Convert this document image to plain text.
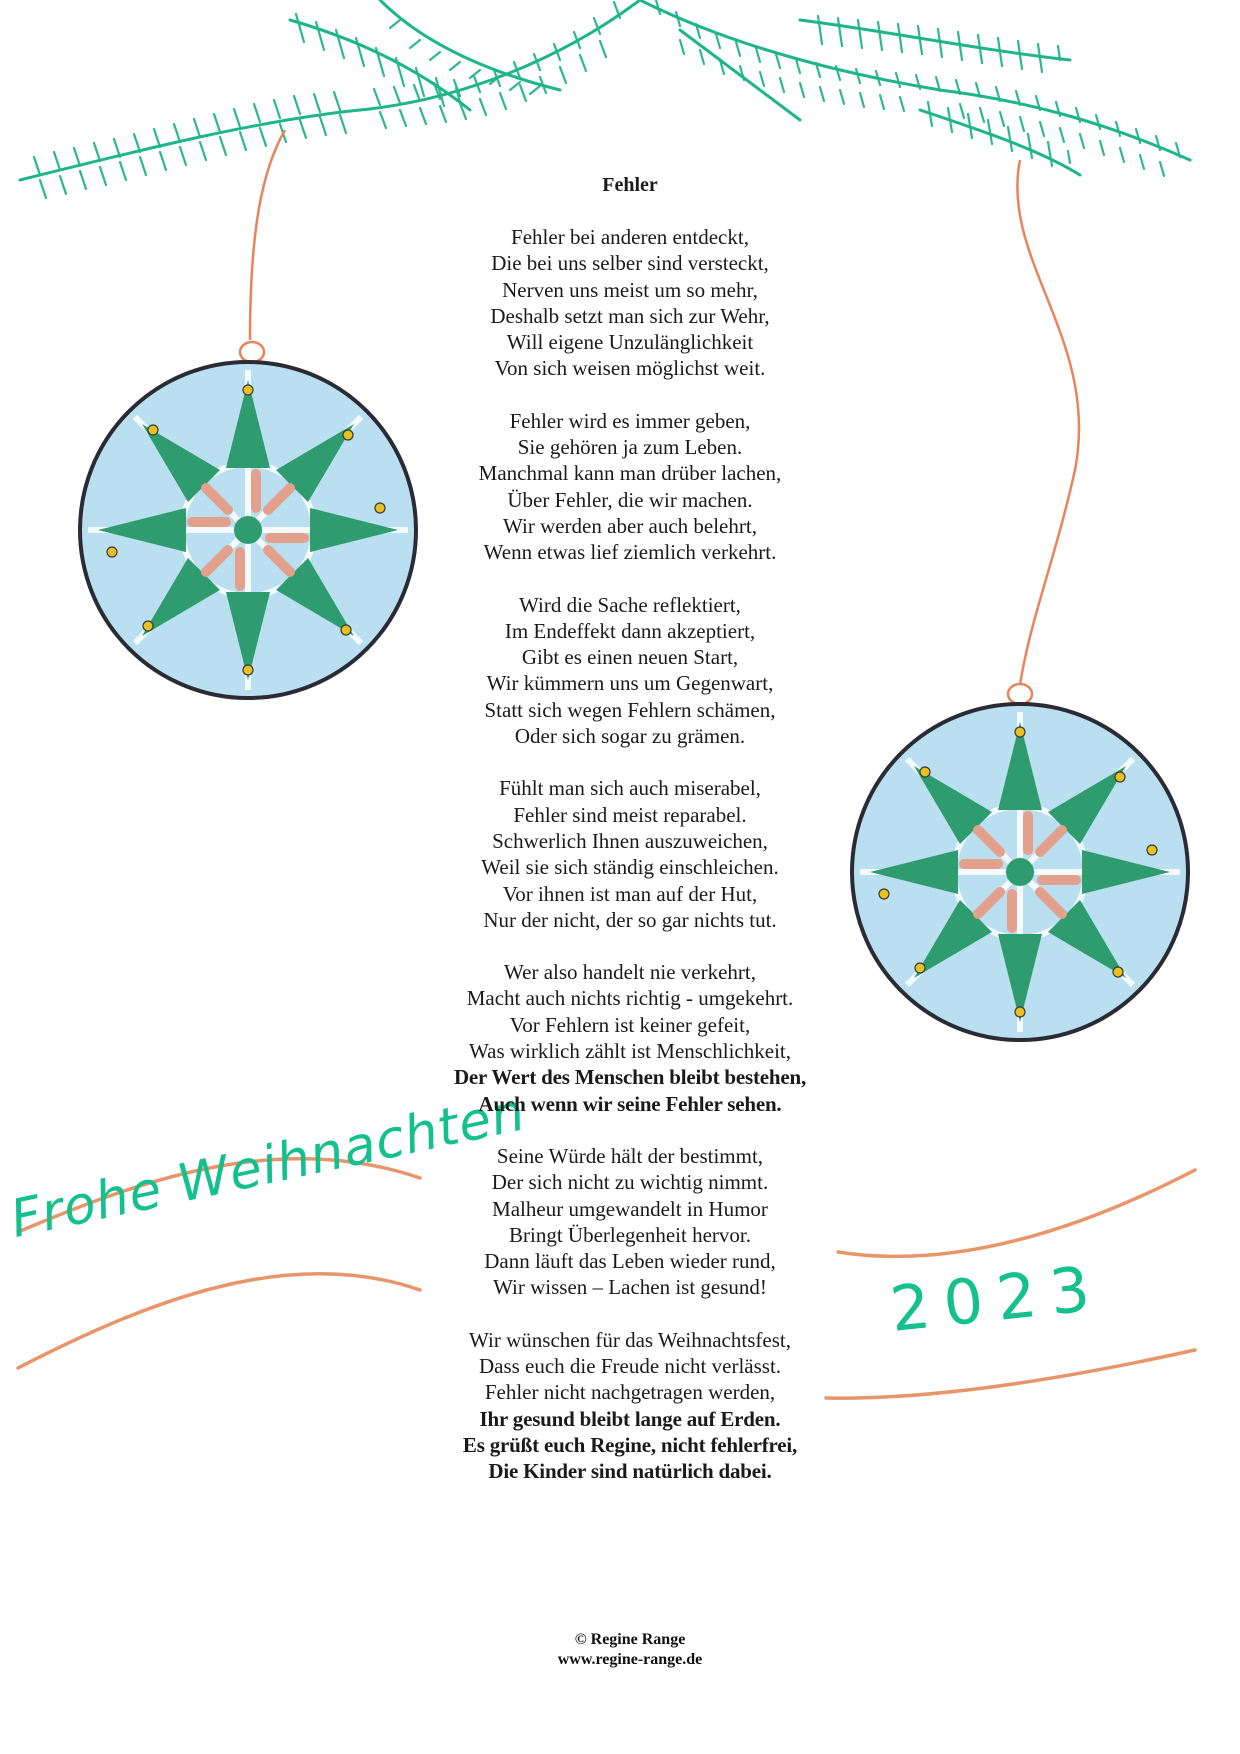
Frohe Weihnachten
2023
Fehler
Fehler bei anderen entdeckt,
Die bei uns selber sind versteckt,
Nerven uns meist um so mehr,
Deshalb setzt man sich zur Wehr,
Will eigene Unzulänglichkeit
Von sich weisen möglichst weit.
Fehler wird es immer geben,
Sie gehören ja zum Leben.
Manchmal kann man drüber lachen,
Über Fehler, die wir machen.
Wir werden aber auch belehrt,
Wenn etwas lief ziemlich verkehrt.
Wird die Sache reflektiert,
Im Endeffekt dann akzeptiert,
Gibt es einen neuen Start,
Wir kümmern uns um Gegenwart,
Statt sich wegen Fehlern schämen,
Oder sich sogar zu grämen.
Fühlt man sich auch miserabel,
Fehler sind meist reparabel.
Schwerlich Ihnen auszuweichen,
Weil sie sich ständig einschleichen.
Vor ihnen ist man auf der Hut,
Nur der nicht, der so gar nichts tut.
Wer also handelt nie verkehrt,
Macht auch nichts richtig - umgekehrt.
Vor Fehlern ist keiner gefeit,
Was wirklich zählt ist Menschlichkeit,
Der Wert des Menschen bleibt bestehen,
Auch wenn wir seine Fehler sehen.
Seine Würde hält der bestimmt,
Der sich nicht zu wichtig nimmt.
Malheur umgewandelt in Humor
Bringt Überlegenheit hervor.
Dann läuft das Leben wieder rund,
Wir wissen – Lachen ist gesund!
Wir wünschen für das Weihnachtsfest,
Dass euch die Freude nicht verlässt.
Fehler nicht nachgetragen werden,
Ihr gesund bleibt lange auf Erden.
Es grüßt euch Regine, nicht fehlerfrei,
Die Kinder sind natürlich dabei.
© Regine Range
www.regine-range.de
